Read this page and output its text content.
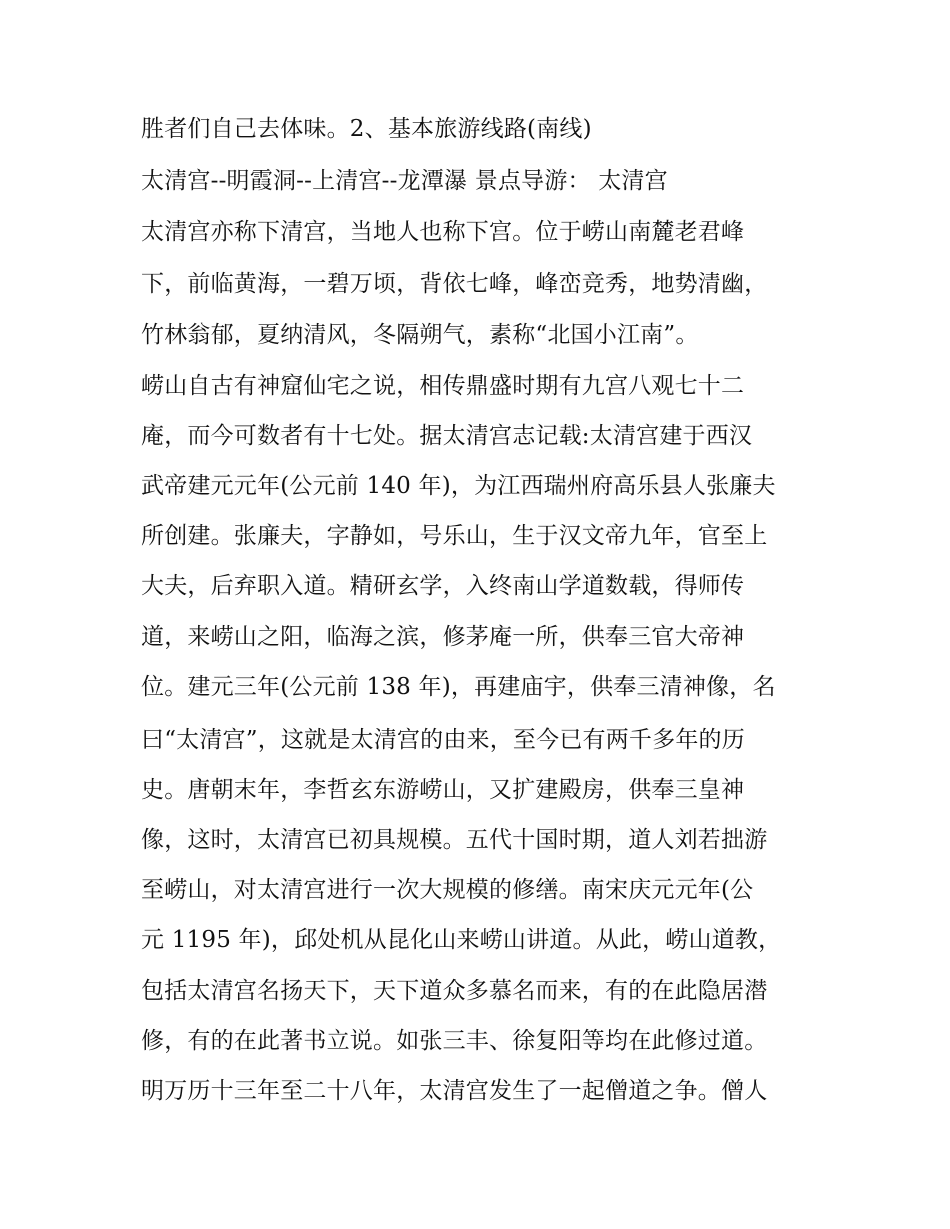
胜者们自己去体味。2、基本旅游线路(南线)
太清宫--明霞洞--上清宫--龙潭瀑 景点导游： 太清宫
太清宫亦称下清宫，当地人也称下宫。位于崂山南麓老君峰
下，前临黄海，一碧万顷，背依七峰，峰峦竞秀，地势清幽，
竹林翁郁，夏纳清风，冬隔朔气，素称“北国小江南”。
崂山自古有神窟仙宅之说，相传鼎盛时期有九宫八观七十二
庵，而今可数者有十七处。据太清宫志记载:太清宫建于西汉
武帝建元元年(公元前 140 年)，为江西瑞州府高乐县人张廉夫
所创建。张廉夫，字静如，号乐山，生于汉文帝九年，官至上
大夫，后弃职入道。精研玄学，入终南山学道数载，得师传
道，来崂山之阳，临海之滨，修茅庵一所，供奉三官大帝神
位。建元三年(公元前 138 年)，再建庙宇，供奉三清神像，名
曰“太清宫”，这就是太清宫的由来，至今已有两千多年的历
史。唐朝末年，李哲玄东游崂山，又扩建殿房，供奉三皇神
像，这时，太清宫已初具规模。五代十国时期，道人刘若拙游
至崂山，对太清宫进行一次大规模的修缮。南宋庆元元年(公
元 1195 年)，邱处机从昆化山来崂山讲道。从此，崂山道教，
包括太清宫名扬天下，天下道众多慕名而来，有的在此隐居潜
修，有的在此著书立说。如张三丰、徐复阳等均在此修过道。
明万历十三年至二十八年，太清宫发生了一起僧道之争。僧人
